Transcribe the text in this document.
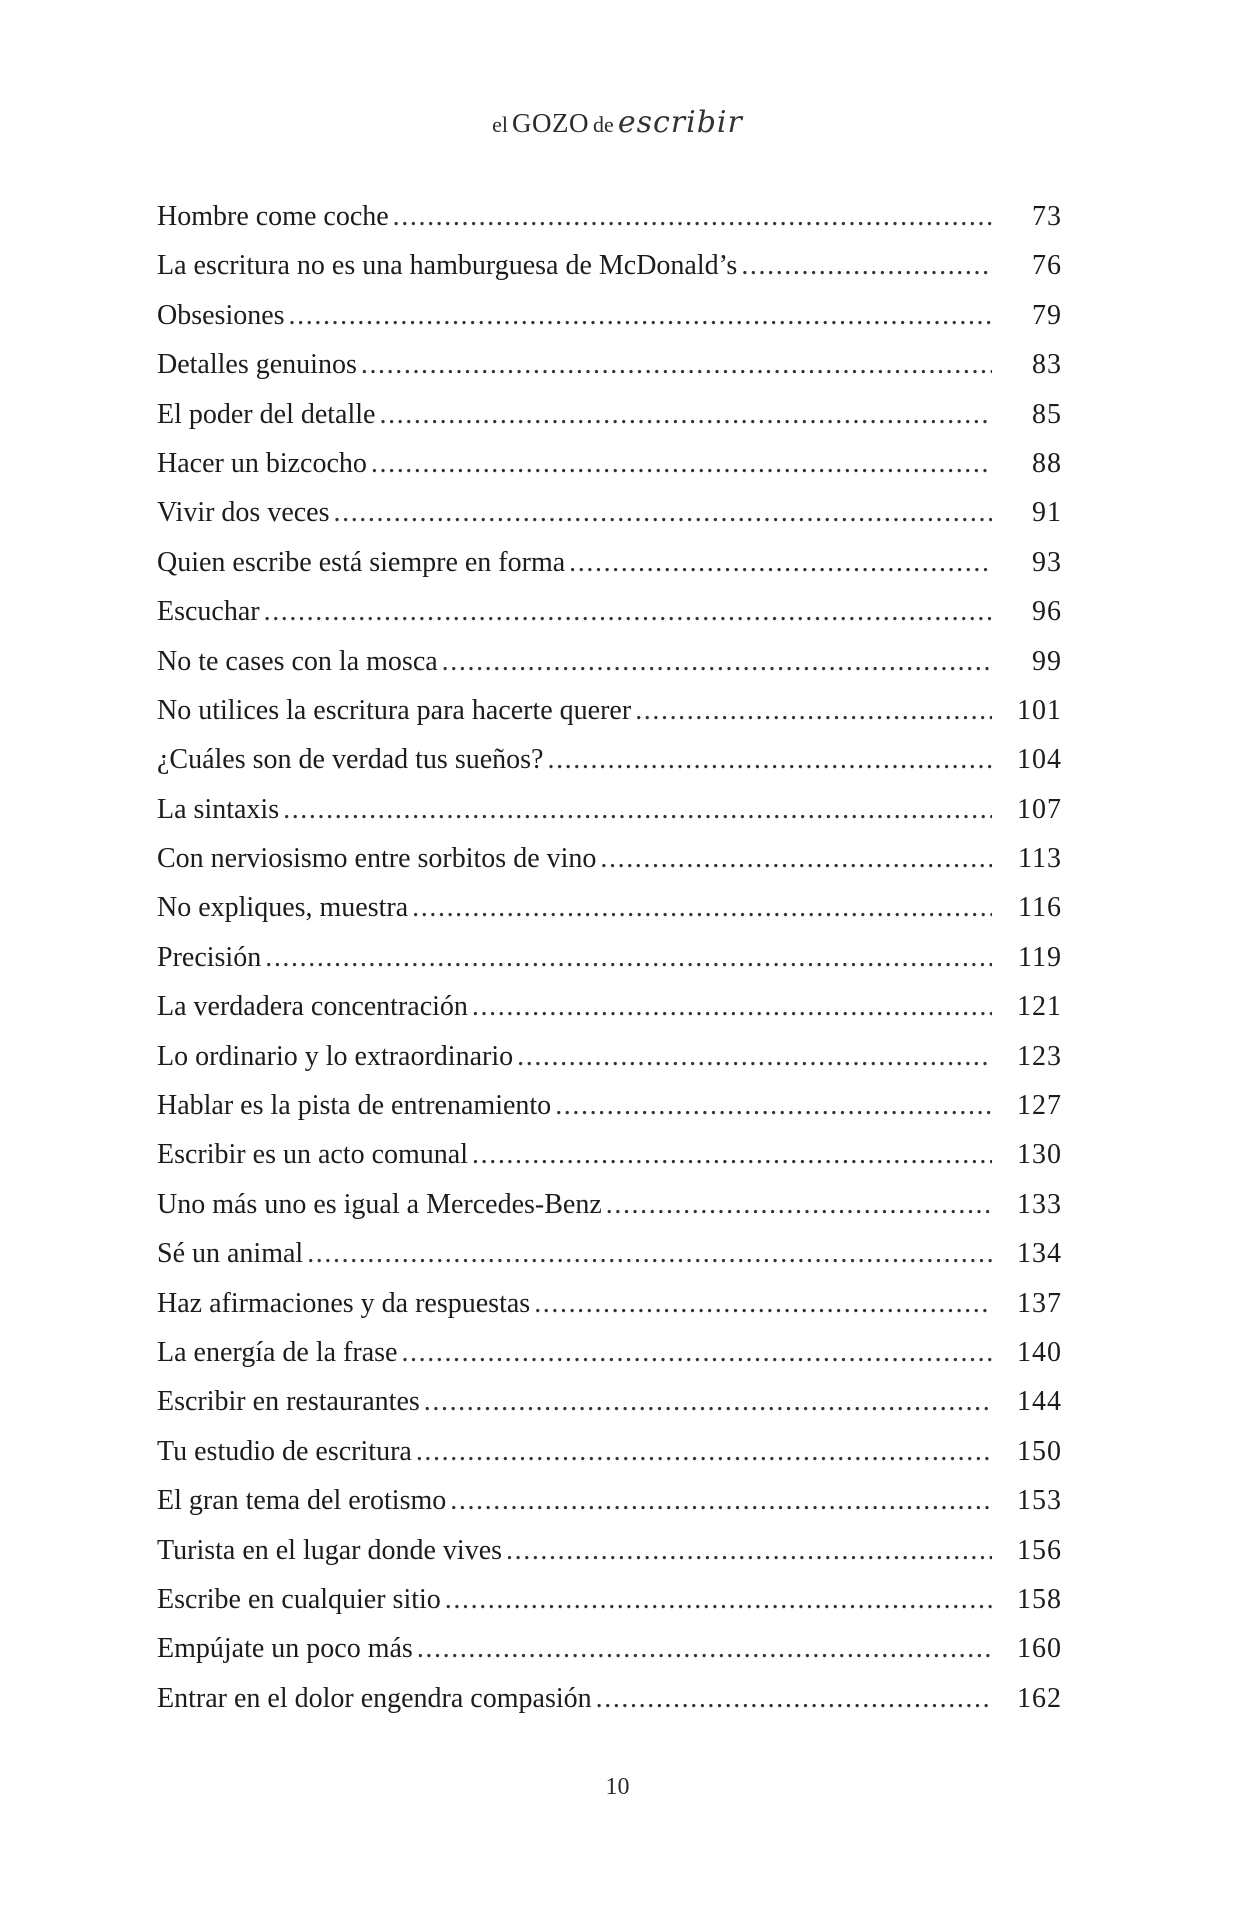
el GOZO de escribir
Hombre come coche .....	73
La escritura no es una hamburguesa de McDonald’s .....	76
Obsesiones .....	79
Detalles genuinos .....	83
El poder del detalle .....	85
Hacer un bizcocho .....	88
Vivir dos veces .....	91
Quien escribe está siempre en forma .....	93
Escuchar .....	96
No te cases con la mosca .....	99
No utilices la escritura para hacerte querer .....	101
¿Cuáles son de verdad tus sueños? .....	104
La sintaxis .....	107
Con nerviosismo entre sorbitos de vino .....	113
No expliques, muestra .....	116
Precisión .....	119
La verdadera concentración .....	121
Lo ordinario y lo extraordinario .....	123
Hablar es la pista de entrenamiento .....	127
Escribir es un acto comunal .....	130
Uno más uno es igual a Mercedes-Benz .....	133
Sé un animal .....	134
Haz afirmaciones y da respuestas .....	137
La energía de la frase .....	140
Escribir en restaurantes .....	144
Tu estudio de escritura .....	150
El gran tema del erotismo .....	153
Turista en el lugar donde vives .....	156
Escribe en cualquier sitio .....	158
Empújate un poco más .....	160
Entrar en el dolor engendra compasión .....	162
10
